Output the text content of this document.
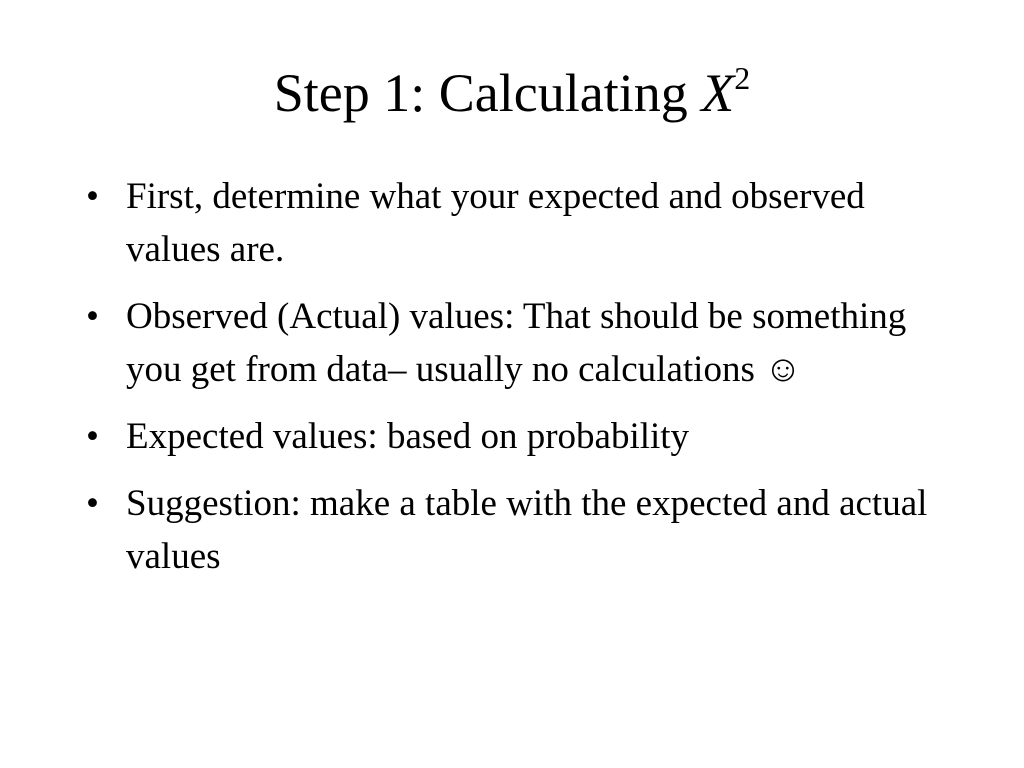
Step 1: Calculating $X^2$
• First, determine what your expected and observed values are.
• Observed (Actual) values: That should be something you get from data– usually no calculations ☺
• Expected values: based on probability
• Suggestion: make a table with the expected and actual values
